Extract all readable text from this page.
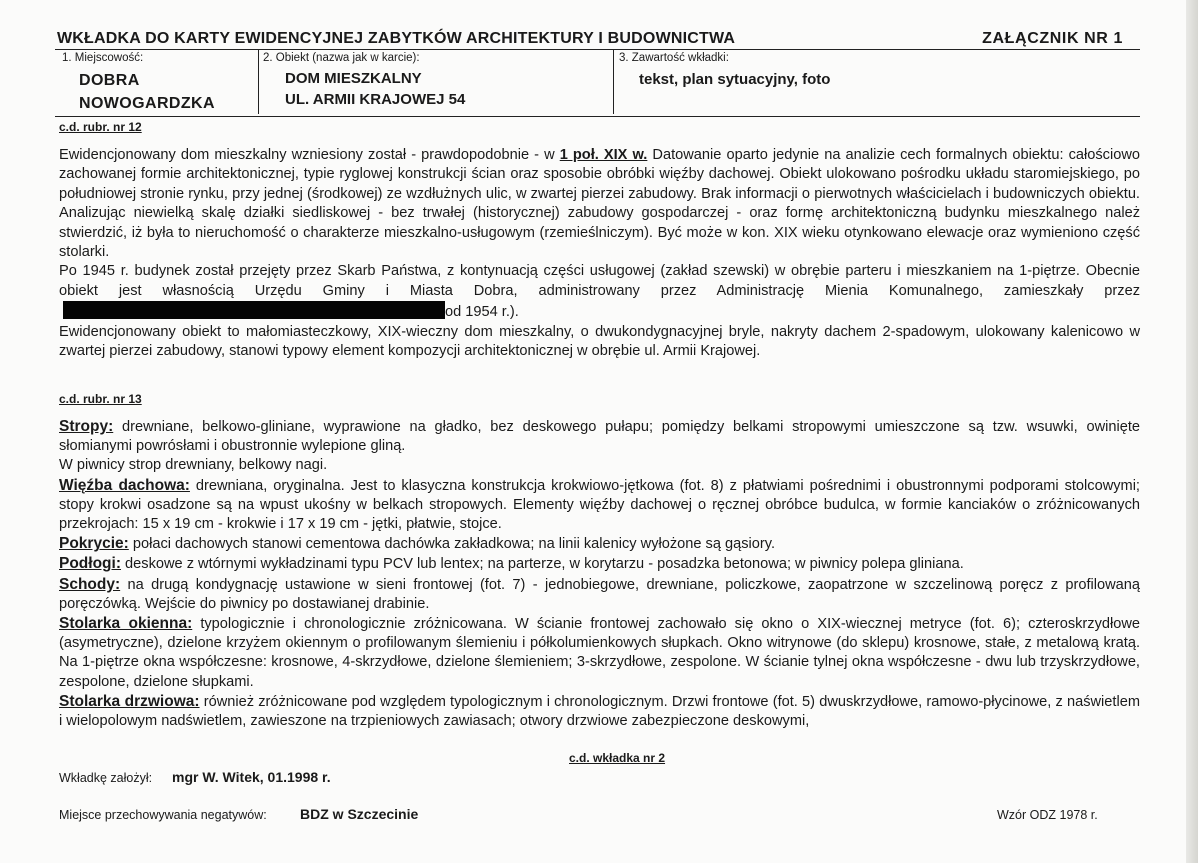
WKŁADKA DO KARTY EWIDENCYJNEJ ZABYTKÓW ARCHITEKTURY I BUDOWNICTWA	ZAŁĄCZNIK NR 1
1. Miejscowość:
DOBRA
NOWOGARDZKA
2. Obiekt (nazwa jak w karcie):
DOM MIESZKALNY
UL. ARMII KRAJOWEJ 54
3. Zawartość wkładki:
tekst, plan sytuacyjny, foto
c.d. rubr. nr 12

Ewidencjonowany dom mieszkalny wzniesiony został - prawdopodobnie - w 1 poł. XIX w. Datowanie oparto jedynie na analizie cech formalnych obiektu: całościowo zachowanej formie architektonicznej, typie ryglowej konstrukcji ścian oraz sposobie obróbki więźby dachowej. Obiekt ulokowano pośrodku układu staromiejskiego, po południowej stronie rynku, przy jednej (środkowej) ze wzdłużnych ulic, w zwartej pierzei zabudowy. Brak informacji o pierwotnych właścicielach i budowniczych obiektu. Analizując niewielką skalę działki siedliskowej - bez trwałej (historycznej) zabudowy gospodarczej - oraz formę architektoniczną budynku mieszkalnego należ stwierdzić, iż była to nieruchomość o charakterze mieszkalno-usługowym (rzemieślniczym). Być może w kon. XIX wieku otynkowano elewacje oraz wymieniono część stolarki.

Po 1945 r. budynek został przejęty przez Skarb Państwa, z kontynuacją części usługowej (zakład szewski) w obrębie parteru i mieszkaniem na 1-piętrze. Obecnie obiekt jest własnością Urzędu Gminy i Miasta Dobra, administrowany przez Administrację Mienia Komunalnego, zamieszkały przezod 1954 r.).

Ewidencjonowany obiekt to małomiasteczkowy, XIX-wieczny dom mieszkalny, o dwukondygnacyjnej bryle, nakryty dachem 2-spadowym, ulokowany kalenicowo w zwartej pierzei zabudowy, stanowi typowy element kompozycji architektonicznej w obrębie ul. Armii Krajowej.

c.d. rubr. nr 13

Stropy: drewniane, belkowo-gliniane, wyprawione na gładko, bez deskowego pułapu; pomiędzy belkami stropowymi umieszczone są tzw. wsuwki, owinięte słomianymi powrósłami i obustronnie wylepione gliną.

W piwnicy strop drewniany, belkowy nagi.

Więźba dachowa: drewniana, oryginalna. Jest to klasyczna konstrukcja krokwiowo-jętkowa (fot. 8) z płatwiami pośrednimi i obustronnymi podporami stolcowymi; stopy krokwi osadzone są na wpust ukośny w belkach stropowych. Elementy więźby dachowej o ręcznej obróbce budulca, w formie kanciaków o zróżnicowanych przekrojach: 15 x 19 cm - krokwie i 17 x 19 cm - jętki, płatwie, stojce.

Pokrycie: połaci dachowych stanowi cementowa dachówka zakładkowa; na linii kalenicy wyłożone są gąsiory.

Podłogi: deskowe z wtórnymi wykładzinami typu PCV lub lentex; na parterze, w korytarzu - posadzka betonowa; w piwnicy polepa gliniana.

Schody: na drugą kondygnację ustawione w sieni frontowej (fot. 7) - jednobiegowe, drewniane, policzkowe, zaopatrzone w szczelinową poręcz z profilowaną poręczówką. Wejście do piwnicy po dostawianej drabinie.

Stolarka okienna: typologicznie i chronologicznie zróżnicowana. W ścianie frontowej zachowało się okno o XIX-wiecznej metryce (fot. 6); czteroskrzydłowe (asymetryczne), dzielone krzyżem okiennym o profilowanym ślemieniu i półkolumienkowych słupkach. Okno witrynowe (do sklepu) krosnowe, stałe, z metalową kratą. Na 1-piętrze okna współczesne: krosnowe, 4-skrzydłowe, dzielone ślemieniem; 3-skrzydłowe, zespolone. W ścianie tylnej okna współczesne - dwu lub trzyskrzydłowe, zespolone, dzielone słupkami.

Stolarka drzwiowa: również zróżnicowane pod względem typologicznym i chronologicznym. Drzwi frontowe (fot. 5) dwuskrzydłowe, ramowo-płycinowe, z naświetlem i wielopolowym nadświetlem, zawieszone na trzpieniowych zawiasach; otwory drzwiowe zabezpieczone deskowymi,

c.d. wkładka nr 2
Wkładkę założył: mgr W. Witek, 01.1998 r.
Miejsce przechowywania negatywów: BDZ w Szczecinie	Wzór ODZ 1978 r.
